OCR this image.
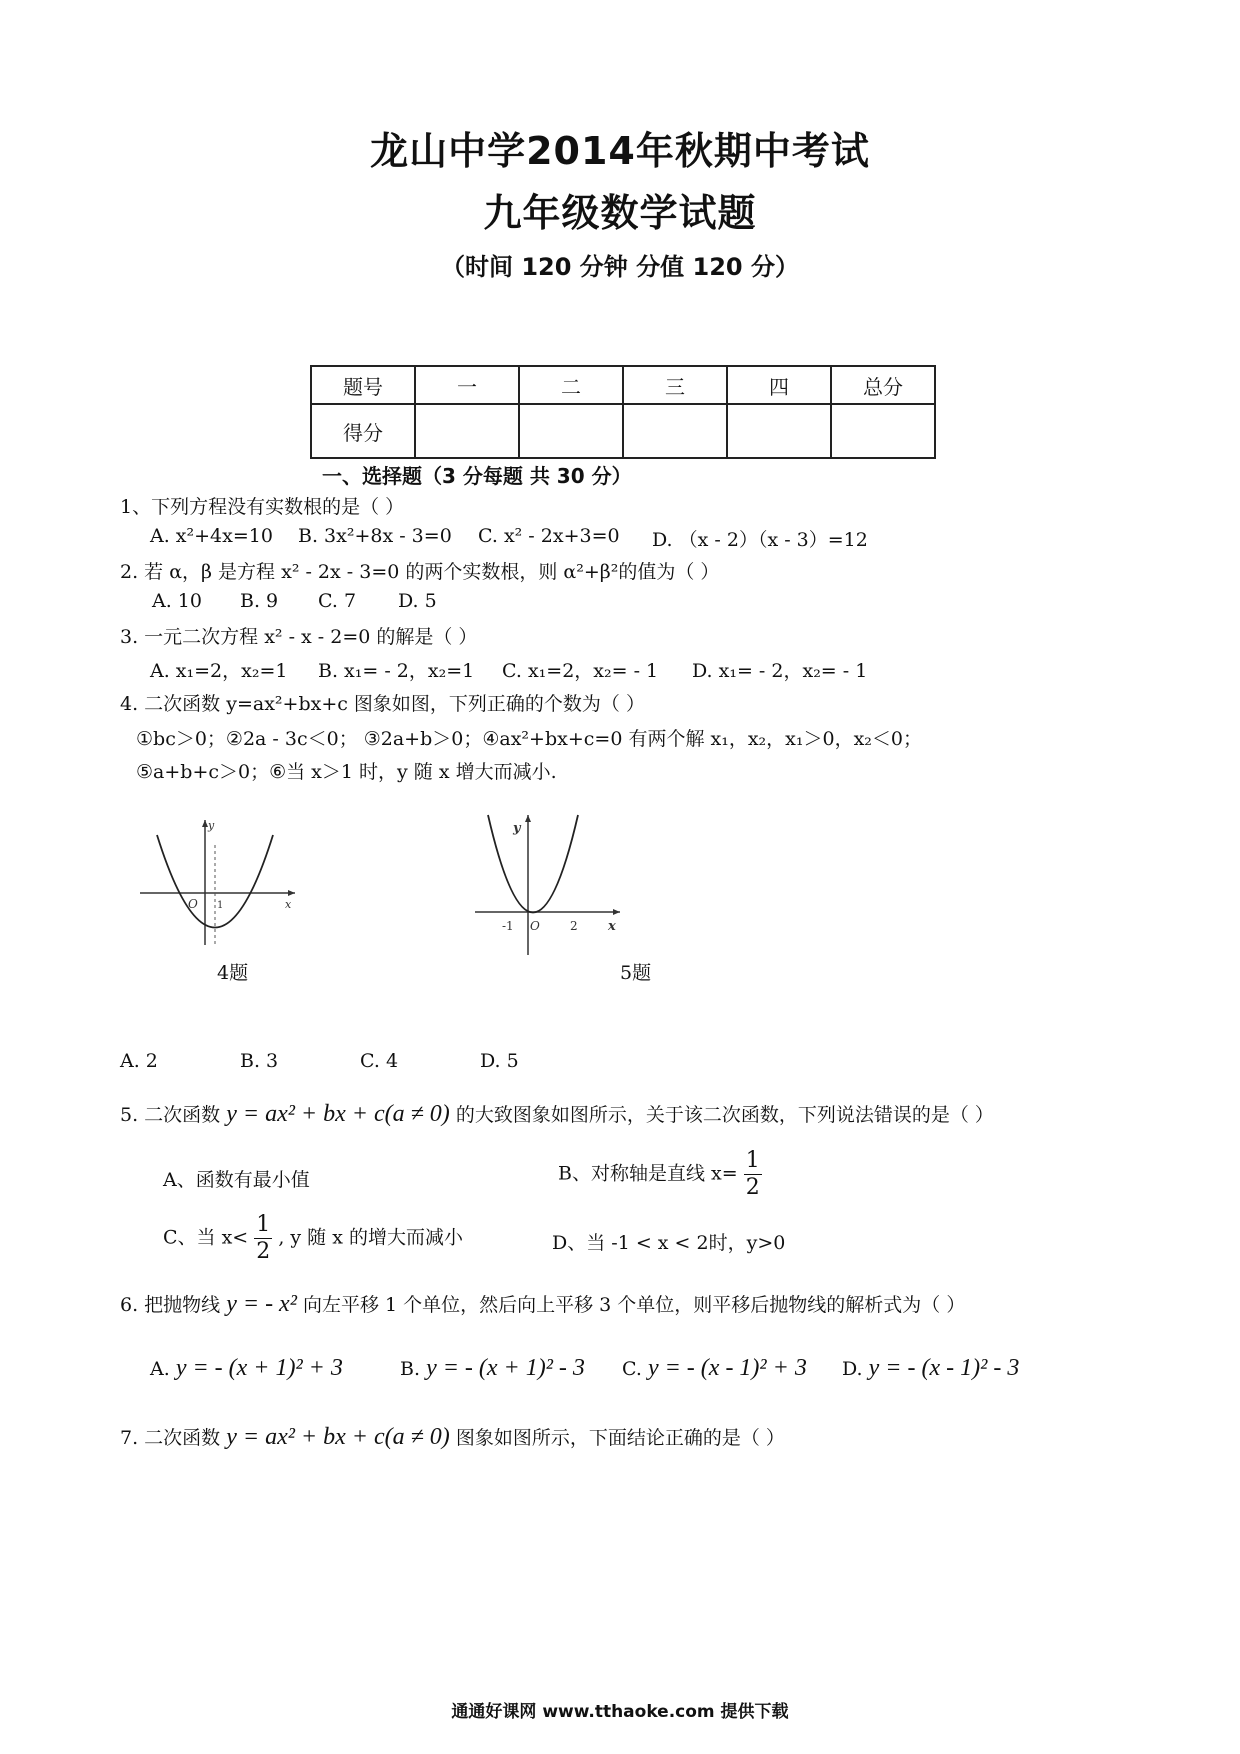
龙山中学2014年秋期中考试
九年级数学试题
（时间 120 分钟 分值 120 分）
题号	一	二	三	四	总分
得分					
一、选择题（3 分每题 共 30 分）
1、下列方程没有实数根的是（ ）
A. x²+4x=10 B. 3x²+8x - 3=0 C. x² - 2x+3=0 D. （x - 2）（x - 3）=12
2. 若 α，β 是方程 x² - 2x - 3=0 的两个实数根，则 α²+β²的值为（ ）
A. 10 B. 9 C. 7 D. 5
3. 一元二次方程 x² - x - 2=0 的解是（ ）
A. x₁=2，x₂=1 B. x₁= - 2，x₂=1 C. x₁=2，x₂= - 1 D. x₁= - 2，x₂= - 1
4. 二次函数 y=ax²+bx+c 图象如图，下列正确的个数为（ ）
①bc＞0；②2a - 3c＜0； ③2a+b＞0；④ax²+bx+c=0 有两个解 x₁，x₂，x₁＞0，x₂＜0；
⑤a+b+c＞0；⑥当 x＞1 时，y 随 x 增大而减小.
y
x
O 1
4题
y
x
O
-1	2
5题
A. 2	B. 3	C. 4	D. 5
5. 二次函数 y = ax² + bx + c(a ≠ 0) 的大致图象如图所示，关于该二次函数，下列说法错误的是（ ）
A、函数有最小值	B、对称轴是直线 $x= \frac{1}{2}$
C、当 $x< \frac{1}{2}$ , y 随 x 的增大而减小	D、当 -1 < x < 2时，y>0
6. 把抛物线 y = - x² 向左平移 1 个单位，然后向上平移 3 个单位，则平移后抛物线的解析式为（ ）
A. y = - (x + 1)² + 3	B. y = - (x + 1)² - 3 C. y = - (x - 1)² + 3 D. y = - (x - 1)² - 3
7. 二次函数 y = ax² + bx + c(a ≠ 0) 图象如图所示，下面结论正确的是（ ）
通通好课网 www.tthaoke.com 提供下载
